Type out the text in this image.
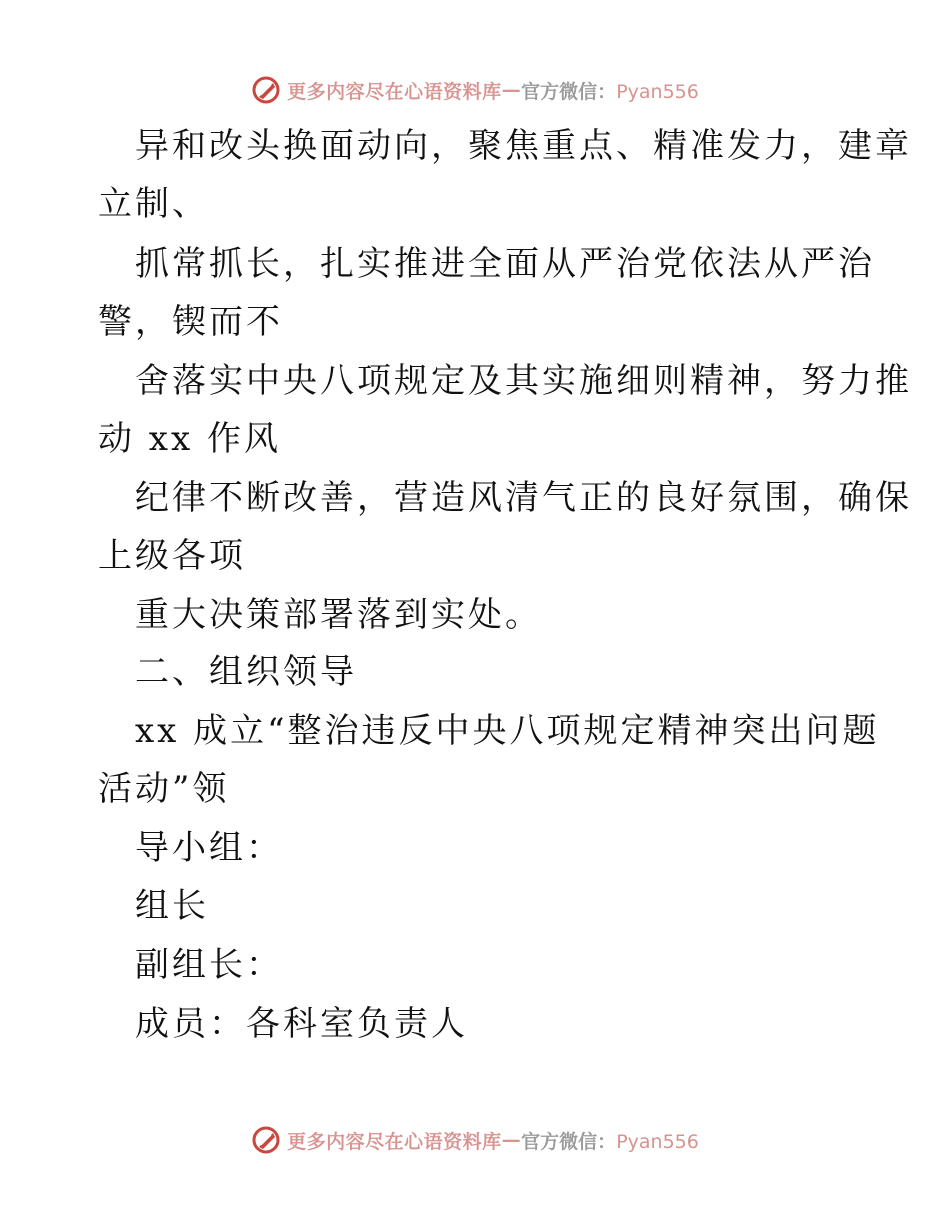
更多内容尽在心语资料库 — 官方微信：Pyan556
异和改头换面动向，聚焦重点、精准发力，建章
立制、
抓常抓长，扎实推进全面从严治党依法从严治
警，锲而不
舍落实中央八项规定及其实施细则精神，努力推
动 xx 作风
纪律不断改善，营造风清气正的良好氛围，确保
上级各项
重大决策部署落到实处。
二、组织领导
xx 成立“整治违反中央八项规定精神突出问题
活动”领
导小组：
组长
副组长：
成员：各科室负责人
更多内容尽在心语资料库 — 官方微信：Pyan556
